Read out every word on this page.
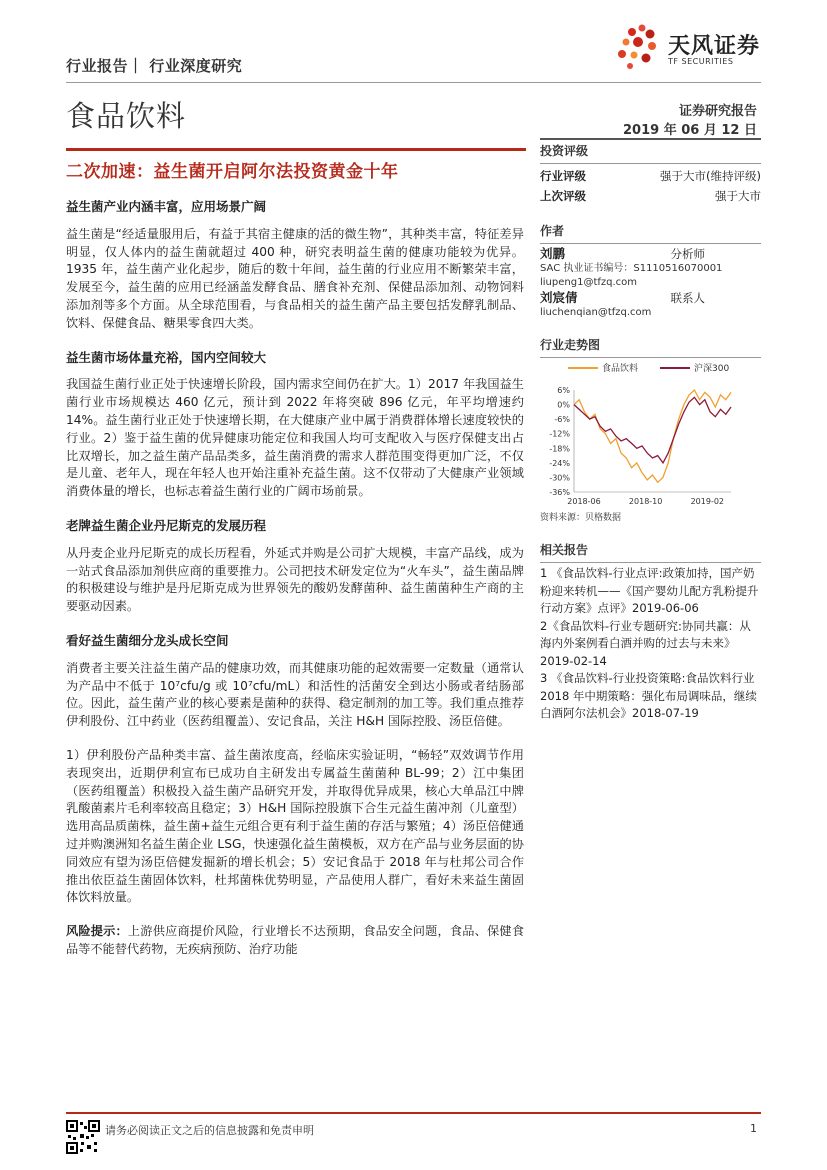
行业报告｜ 行业深度研究
天风证券
TF SECURITIES
食品饮料	证券研究报告
2019 年 06 月 12 日
二次加速：益生菌开启阿尔法投资黄金十年
益生菌产业内涵丰富，应用场景广阔

益生菌是“经适量服用后，有益于其宿主健康的活的微生物”，其种类丰富，特征差异明显，仅人体内的益生菌就超过 400 种，研究表明益生菌的健康功能较为优异。1935 年，益生菌产业化起步，随后的数十年间，益生菌的行业应用不断繁荣丰富，发展至今，益生菌的应用已经涵盖发酵食品、膳食补充剂、保健品添加剂、动物饲料添加剂等多个方面。从全球范围看，与食品相关的益生菌产品主要包括发酵乳制品、饮料、保健食品、糖果零食四大类。

益生菌市场体量充裕，国内空间较大

我国益生菌行业正处于快速增长阶段，国内需求空间仍在扩大。1）2017 年我国益生菌行业市场规模达 460 亿元，预计到 2022 年将突破 896 亿元，年平均增速约 14%。益生菌行业正处于快速增长期，在大健康产业中属于消费群体增长速度较快的行业。2）鉴于益生菌的优异健康功能定位和我国人均可支配收入与医疗保健支出占比双增长，加之益生菌产品品类多，益生菌消费的需求人群范围变得更加广泛，不仅是儿童、老年人，现在年轻人也开始注重补充益生菌。这不仅带动了大健康产业领域消费体量的增长，也标志着益生菌行业的广阔市场前景。

老牌益生菌企业丹尼斯克的发展历程

从丹麦企业丹尼斯克的成长历程看，外延式并购是公司扩大规模，丰富产品线，成为一站式食品添加剂供应商的重要推力。公司把技术研发定位为“火车头”，益生菌品牌的积极建设与维护是丹尼斯克成为世界领先的酸奶发酵菌种、益生菌菌种生产商的主要驱动因素。

看好益生菌细分龙头成长空间

消费者主要关注益生菌产品的健康功效，而其健康功能的起效需要一定数量（通常认为产品中不低于 10⁷cfu/g 或 10⁷cfu/mL）和活性的活菌安全到达小肠或者结肠部位。因此，益生菌产业的核心要素是菌种的获得、稳定制剂的加工等。我们重点推荐伊利股份、江中药业（医药组覆盖）、安记食品，关注 H&H 国际控股、汤臣倍健。

1）伊利股份产品种类丰富、益生菌浓度高，经临床实验证明，“畅轻”双效调节作用表现突出，近期伊利宣布已成功自主研发出专属益生菌菌种 BL-99；2）江中集团（医药组覆盖）积极投入益生菌产品研究开发，并取得优异成果，核心大单品江中牌乳酸菌素片毛利率较高且稳定；3）H&H 国际控股旗下合生元益生菌冲剂（儿童型）选用高品质菌株，益生菌+益生元组合更有利于益生菌的存活与繁殖；4）汤臣倍健通过并购澳洲知名益生菌企业 LSG，快速强化益生菌模板，双方在产品与业务层面的协同效应有望为汤臣倍健发掘新的增长机会；5）安记食品于 2018 年与杜邦公司合作推出依臣益生菌固体饮料，杜邦菌株优势明显，产品使用人群广，看好未来益生菌固体饮料放量。

风险提示：上游供应商提价风险，行业增长不达预期，食品安全问题，食品、保健食品等不能替代药物，无疾病预防、治疗功能

投资评级
行业评级	强于大市(维持评级)
上次评级	强于大市
作者
刘鹏	分析师
SAC 执业证书编号：S1110516070001
liupeng1@tfzq.com
刘宸倩	联系人
liuchenqian@tfzq.com
行业走势图
食品饮料	沪深300
6%
0%
-6%
-12%
-18%
-24%
-30%
-36%
2018-06	2018-10	2019-02
资料来源：贝格数据
相关报告
1 《食品饮料-行业点评:政策加持，国产奶粉迎来转机——《国产婴幼儿配方乳粉提升行动方案》点评》2019-06-06
2《食品饮料-行业专题研究:协同共赢：从海内外案例看白酒并购的过去与未来》 2019-02-14
3 《食品饮料-行业投资策略:食品饮料行业 2018 年中期策略：强化布局调味品，继续白酒阿尔法机会》2018-07-19
请务必阅读正文之后的信息披露和免责申明	1
